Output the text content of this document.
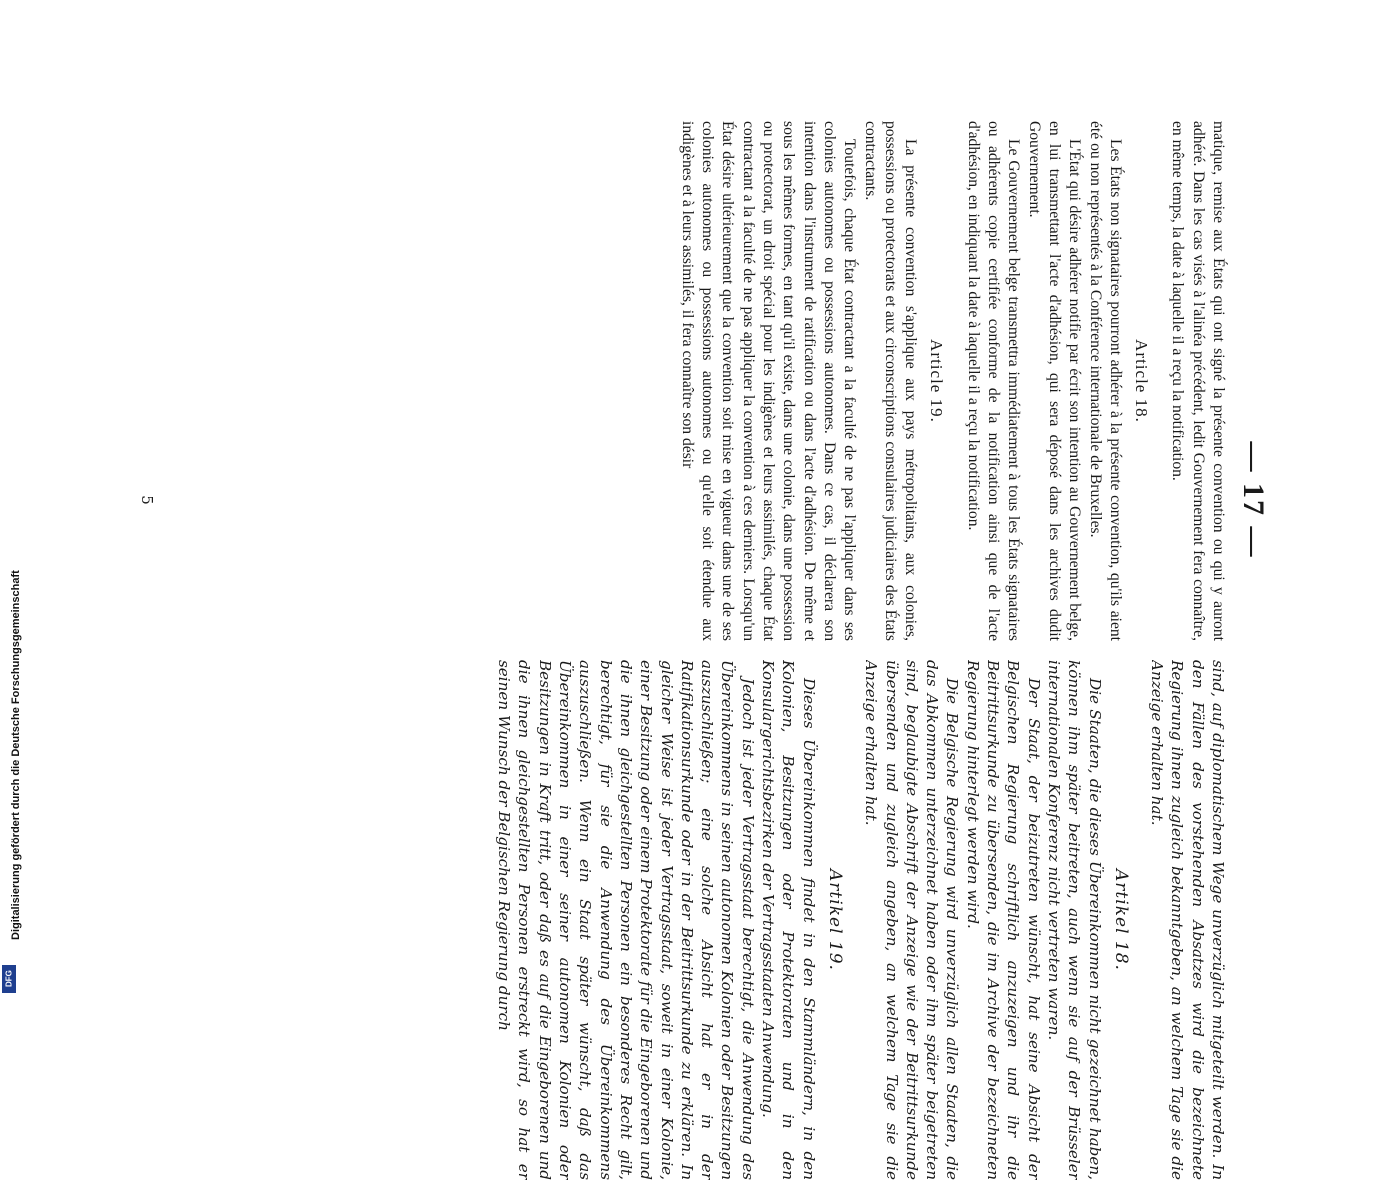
Digitalisierung gefördert durch die Deutsche Forschungsgemeinschaft
DFG
— 17 —

matique, remise aux États qui ont signé la présente convention ou qui y auront adhéré. Dans les cas visés à l'alinéa précédent, ledit Gouvernement fera connaître, en même temps, la date à laquelle il a reçu la notification.

Article 18.

Les États non signataires pourront adhérer à la présente convention, qu'ils aient été ou non représentés à la Conférence internationale de Bruxelles.

L'État qui désire adhérer notifie par écrit son intention au Gouvernement belge, en lui transmettant l'acte d'adhésion, qui sera déposé dans les archives dudit Gouvernement.

Le Gouvernement belge transmettra immédiatement à tous les États signataires ou adhérents copie certifiée conforme de la notification ainsi que de l'acte d'adhésion, en indiquant la date à laquelle il a reçu la notification.

Article 19.

La présente convention s'applique aux pays métropolitains, aux colonies, possessions ou protectorats et aux circonscriptions consulaires judiciaires des États contractants.

Toutefois, chaque État contractant a la faculté de ne pas l'appliquer dans ses colonies autonomes ou possessions autonomes. Dans ce cas, il déclarera son intention dans l'instrument de ratification ou dans l'acte d'adhésion. De même et sous les mêmes formes, en tant qu'il existe, dans une colonie, dans une possession ou protectorat, un droit spécial pour les indigènes et leurs assimilés, chaque État contractant a la faculté de ne pas appliquer la convention à ces derniers. Lorsqu'un État désire ultérieurement que la convention soit mise en vigueur dans une de ses colonies autonomes ou possessions autonomes ou qu'elle soit étendue aux indigènes et à leurs assimilés, il fera connaître son désir

sind, auf diplomatischem Wege unverzüglich mitgeteilt werden. In den Fällen des vorstehenden Absatzes wird die bezeichnete Regierung ihnen zugleich bekanntgeben, an welchem Tage sie die Anzeige erhalten hat.

Artikel 18.

Die Staaten, die dieses Übereinkommen nicht gezeichnet haben, können ihm später beitreten, auch wenn sie auf der Brüsseler internationalen Konferenz nicht vertreten waren.

Der Staat, der beizutreten wünscht, hat seine Absicht der Belgischen Regierung schriftlich anzuzeigen und ihr die Beitrittsurkunde zu übersenden, die im Archive der bezeichneten Regierung hinterlegt werden wird.

Die Belgische Regierung wird unverzüglich allen Staaten, die das Abkommen unterzeichnet haben oder ihm später beigetreten sind, beglaubigte Abschrift der Anzeige wie der Beitrittsurkunde übersenden und zugleich angeben, an welchem Tage sie die Anzeige erhalten hat.

Artikel 19.

Dieses Übereinkommen findet in den Stammländern, in den Kolonien, Besitzungen oder Protektoraten und in den Konsulargerichtsbezirken der Vertragsstaaten Anwendung.

Jedoch ist jeder Vertragsstaat berechtigt, die Anwendung des Übereinkommens in seinen autonomen Kolonien oder Besitzungen auszuschließen; eine solche Absicht hat er in der Ratifikationsurkunde oder in der Beitrittsurkunde zu erklären. In gleicher Weise ist jeder Vertragsstaat, soweit in einer Kolonie, einer Besitzung oder einem Protektorate für die Eingeborenen und die ihnen gleichgestellten Personen ein besonderes Recht gilt, berechtigt, für sie die Anwendung des Übereinkommens auszuschließen. Wenn ein Staat später wünscht, daß das Übereinkommen in einer seiner autonomen Kolonien oder Besitzungen in Kraft tritt, oder daß es auf die Eingeborenen und die ihnen gleichgestellten Personen erstreckt wird, so hat er seinen Wunsch der Belgischen Regierung durch

5
